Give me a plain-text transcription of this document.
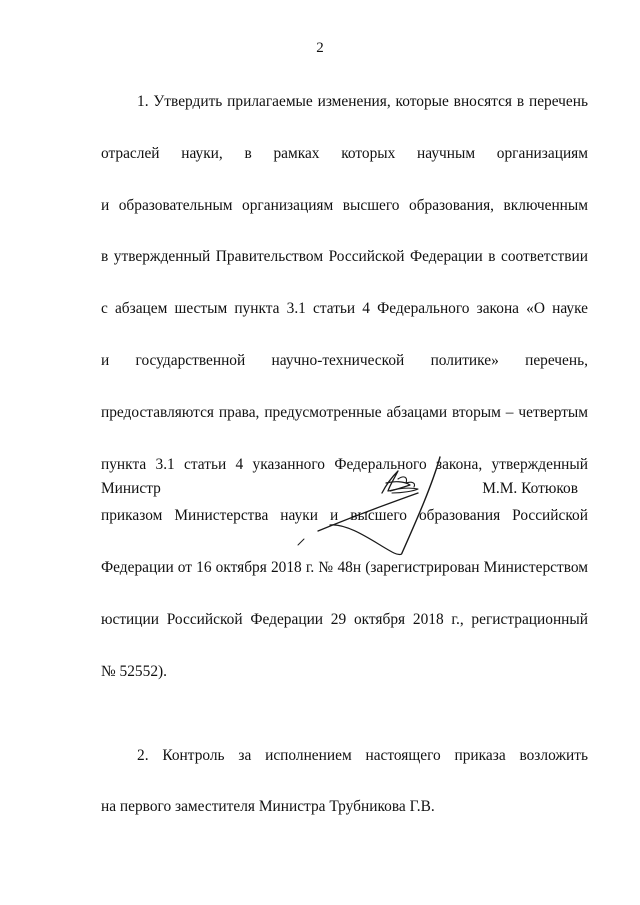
2

1. Утвердить прилагаемые изменения, которые вносятся в перечень

отраслей науки, в рамках которых научным организациям

и образовательным организациям высшего образования, включенным

в утвержденный Правительством Российской Федерации в соответствии

с абзацем шестым пункта 3.1 статьи 4 Федерального закона «О науке

и государственной научно-технической политике» перечень,

предоставляются права, предусмотренные абзацами вторым – четвертым

пункта 3.1 статьи 4 указанного Федерального закона, утвержденный

приказом Министерства науки и высшего образования Российской

Федерации от 16 октября 2018 г. № 48н (зарегистрирован Министерством

юстиции Российской Федерации 29 октября 2018 г., регистрационный

№ 52552).

2. Контроль за исполнением настоящего приказа возложить

на первого заместителя Министра Трубникова Г.В.

Министр	М.М. Котюков
